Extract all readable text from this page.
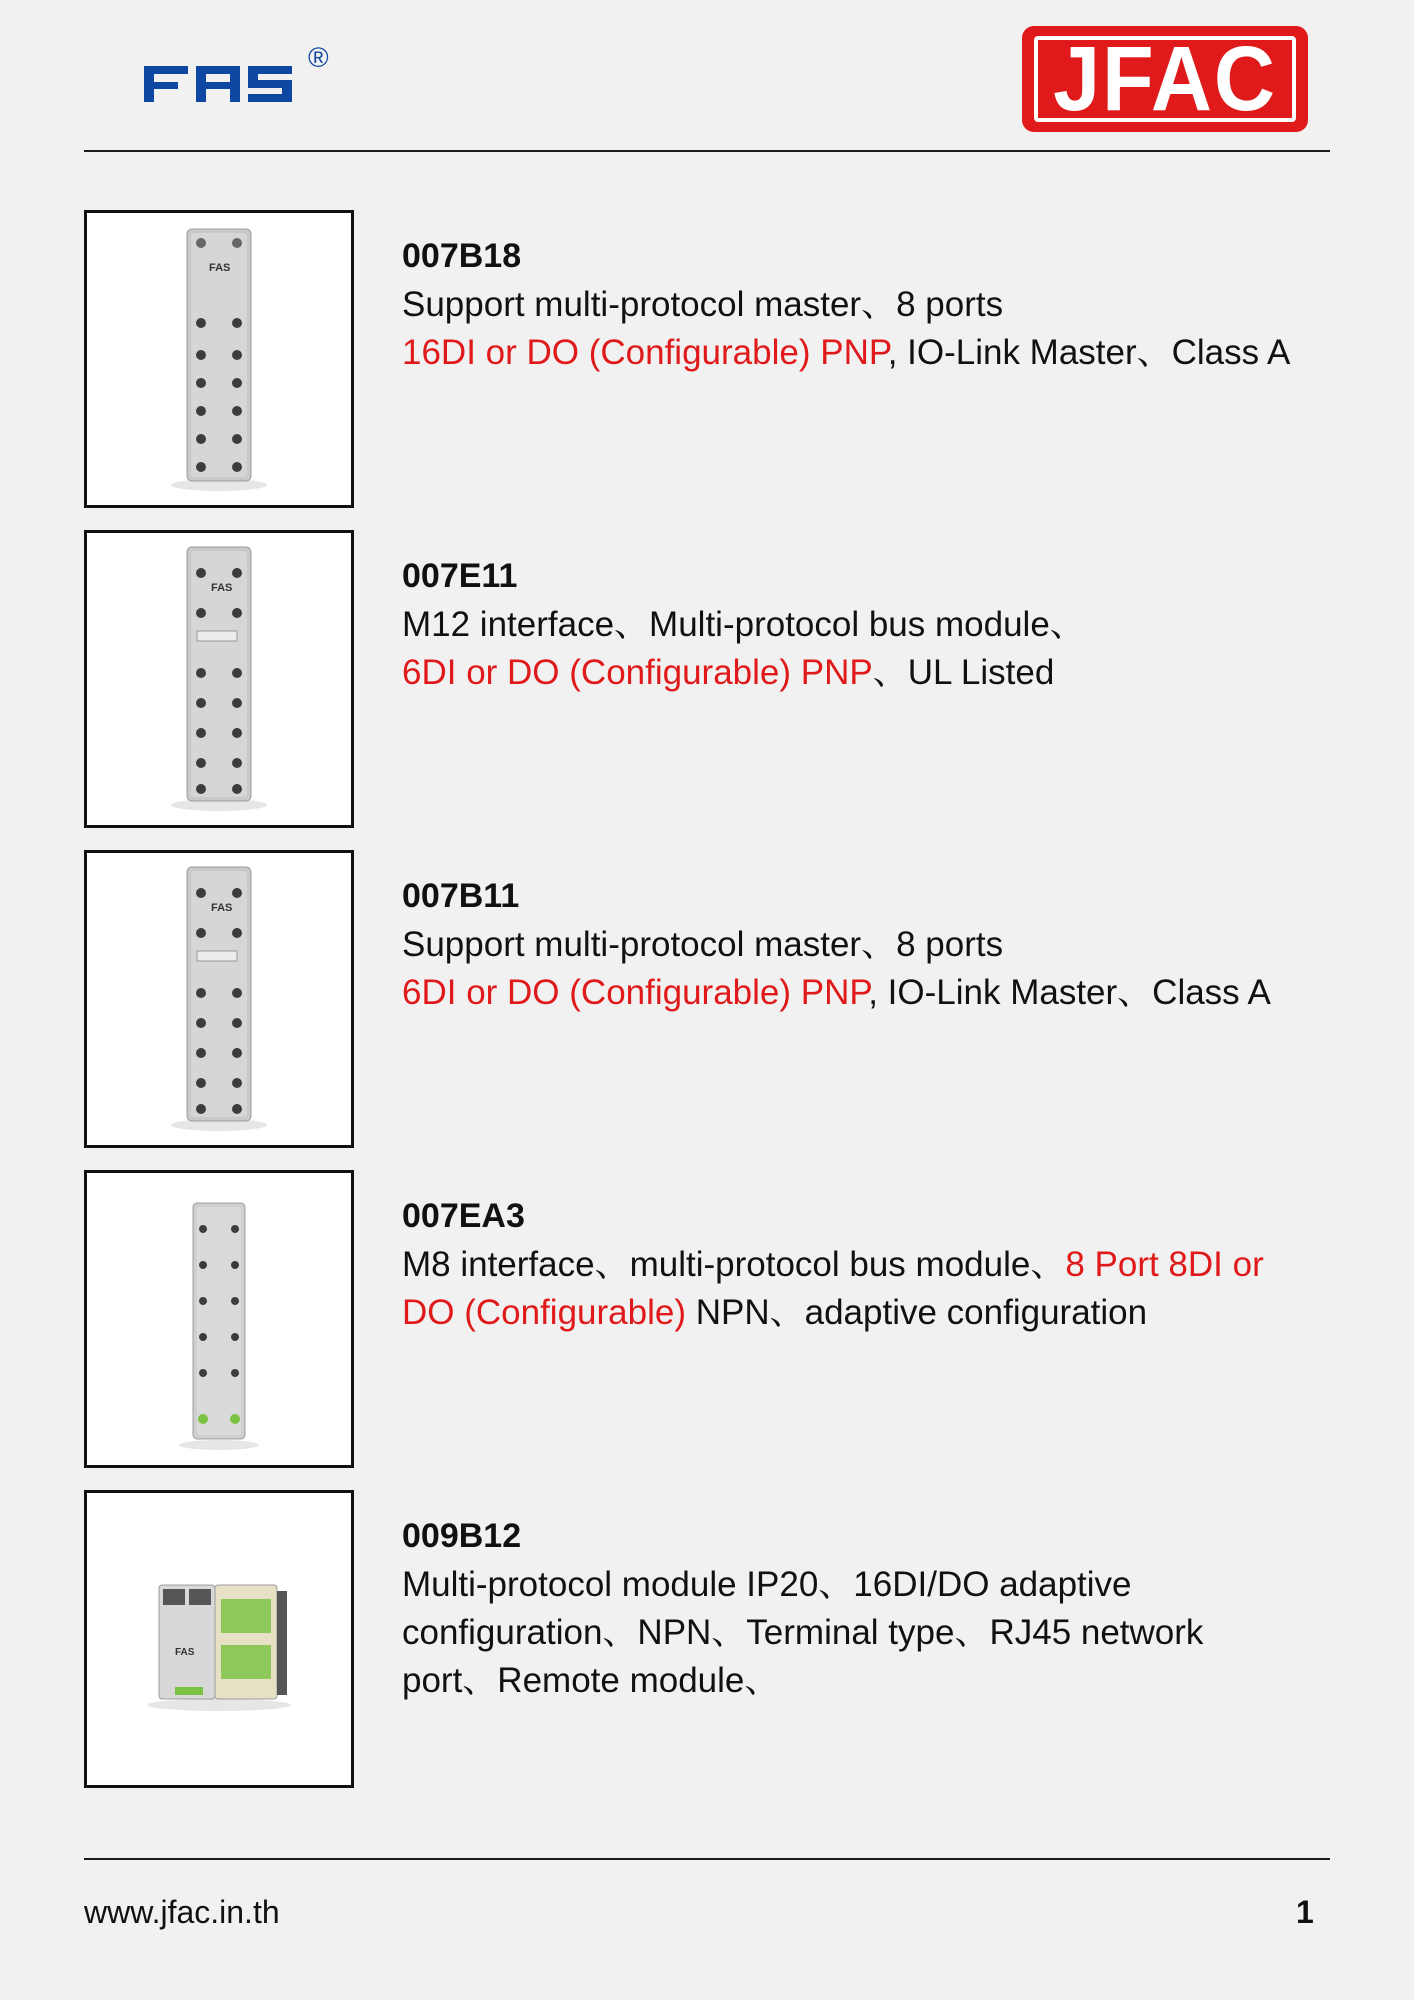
®	JFAC
FAS	007B18

Support multi-protocol master、8 ports

16DI or DO (Configurable) PNP, IO-Link Master、Class A

FAS	007E11

M12 interface、Multi-protocol bus module、

6DI or DO (Configurable) PNP、UL Listed

FAS	007B11

Support multi-protocol master、8 ports

6DI or DO (Configurable) PNP, IO-Link Master、Class A

007EA3

M8 interface、multi-protocol bus module、8 Port 8DI or

DO (Configurable) NPN、adaptive configuration

FAS

009B12

Multi-protocol module IP20、16DI/DO adaptive

configuration、NPN、Terminal type、RJ45 network

port、Remote module、

www.jfac.in.th	1
